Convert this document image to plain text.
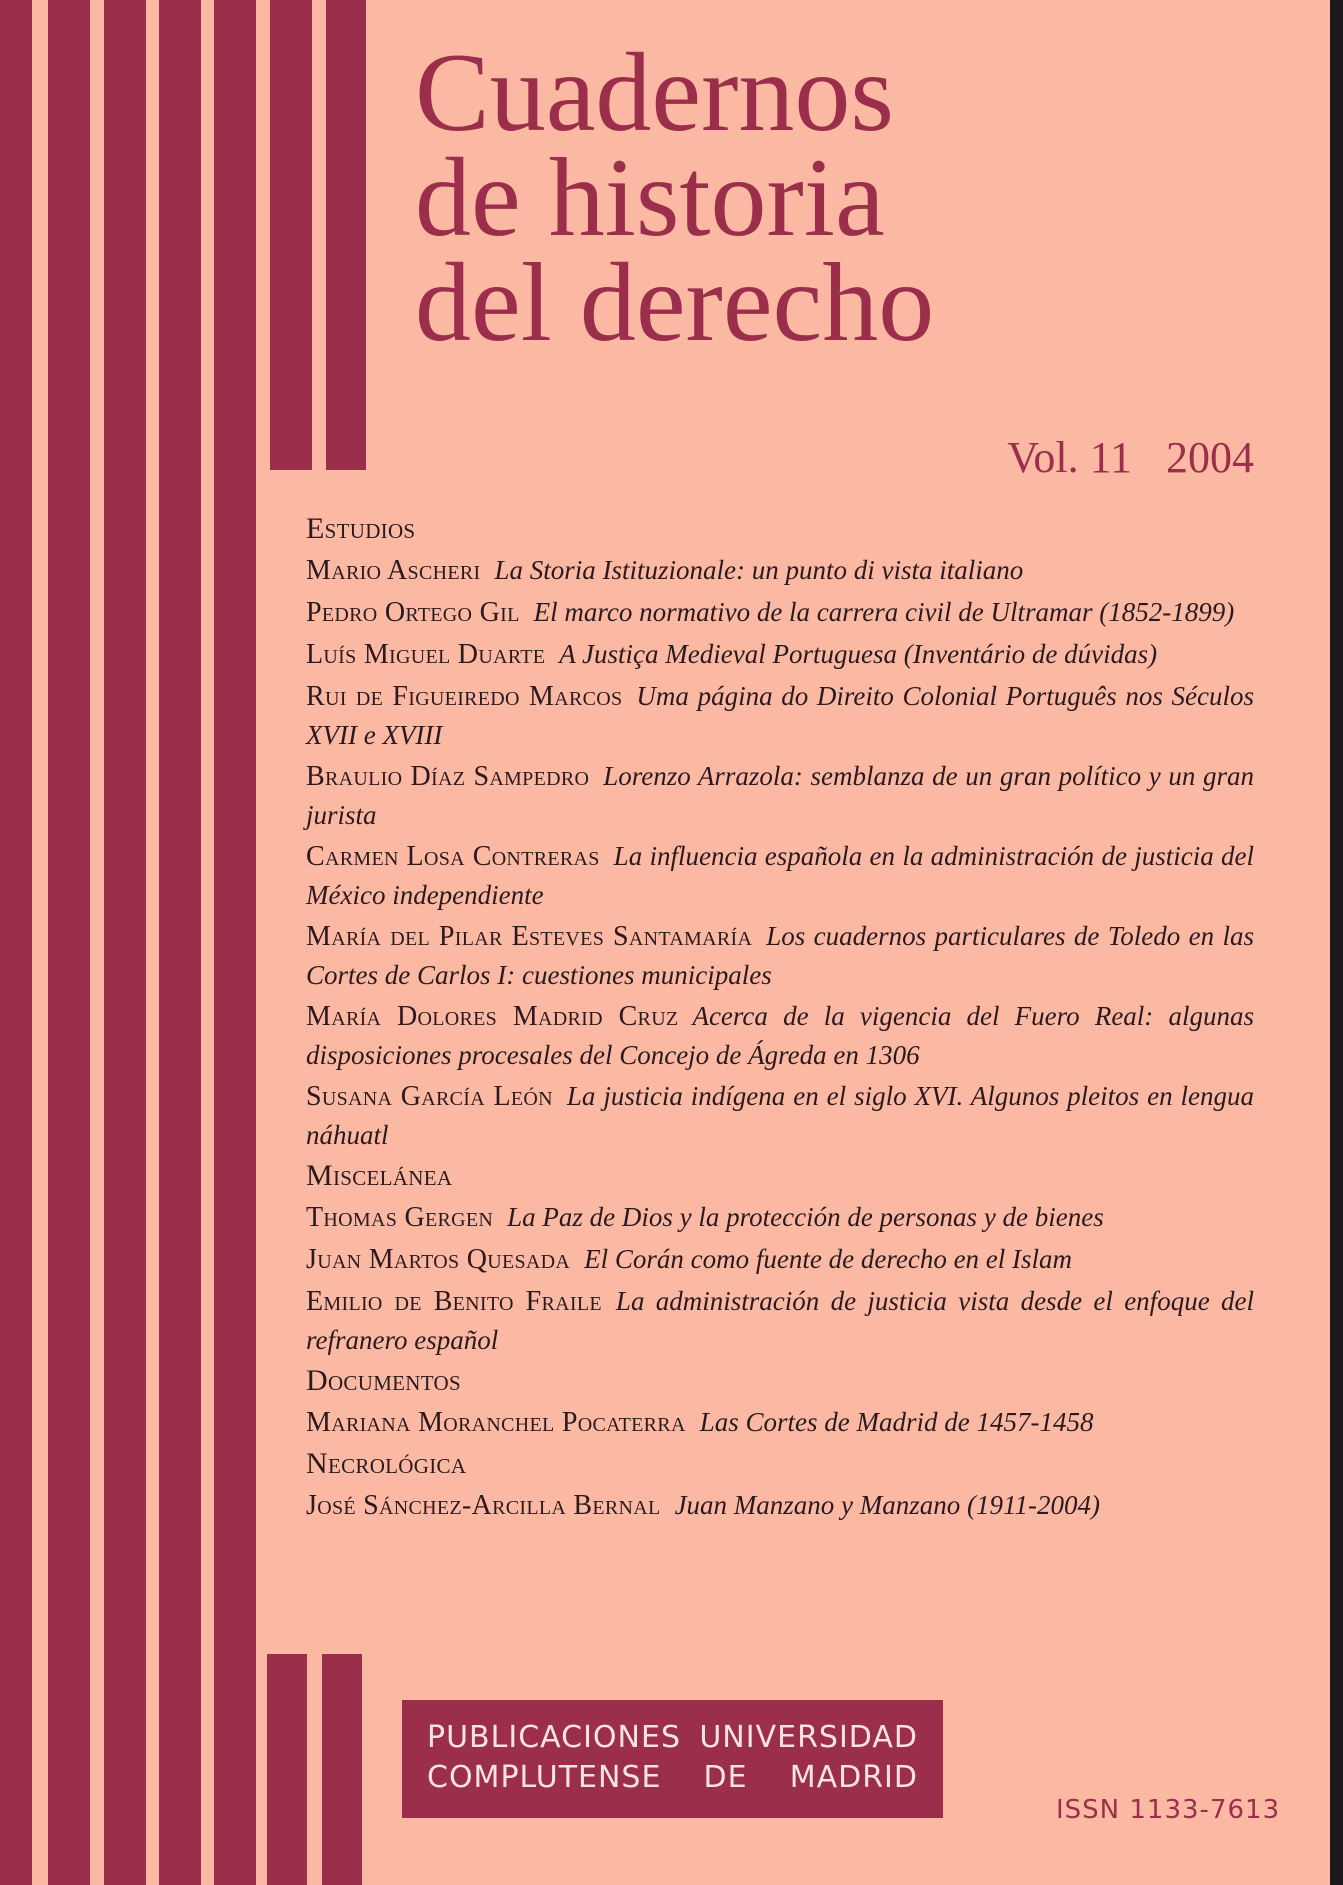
Cuadernos
de historia
del derecho
Vol. 11 2004
Estudios
Mario Ascheri La Storia Istituzionale: un punto di vista italiano
Pedro Ortego Gil El marco normativo de la carrera civil de Ultramar (1852-1899)
Luís Miguel Duarte A Justiça Medieval Portuguesa (Inventário de dúvidas)
Rui de Figueiredo Marcos Uma página do Direito Colonial Português nos Séculos XVII e XVIII
Braulio Díaz Sampedro Lorenzo Arrazola: semblanza de un gran político y un gran jurista
Carmen Losa Contreras La influencia española en la administración de justicia del México independiente
María del Pilar Esteves Santamaría Los cuadernos particulares de Toledo en las Cortes de Carlos I: cuestiones municipales
María Dolores Madrid Cruz Acerca de la vigencia del Fuero Real: algunas disposiciones procesales del Concejo de Ágreda en 1306
Susana García León La justicia indígena en el siglo XVI. Algunos pleitos en lengua náhuatl
Miscelánea
Thomas Gergen La Paz de Dios y la protección de personas y de bienes
Juan Martos Quesada El Corán como fuente de derecho en el Islam
Emilio de Benito Fraile La administración de justicia vista desde el enfoque del refranero español
Documentos
Mariana Moranchel Pocaterra Las Cortes de Madrid de 1457-1458
Necrológica
José Sánchez-Arcilla Bernal Juan Manzano y Manzano (1911-2004)
PUBLICACIONES UNIVERSIDAD
COMPLUTENSE DE MADRID
ISSN 1133-7613
